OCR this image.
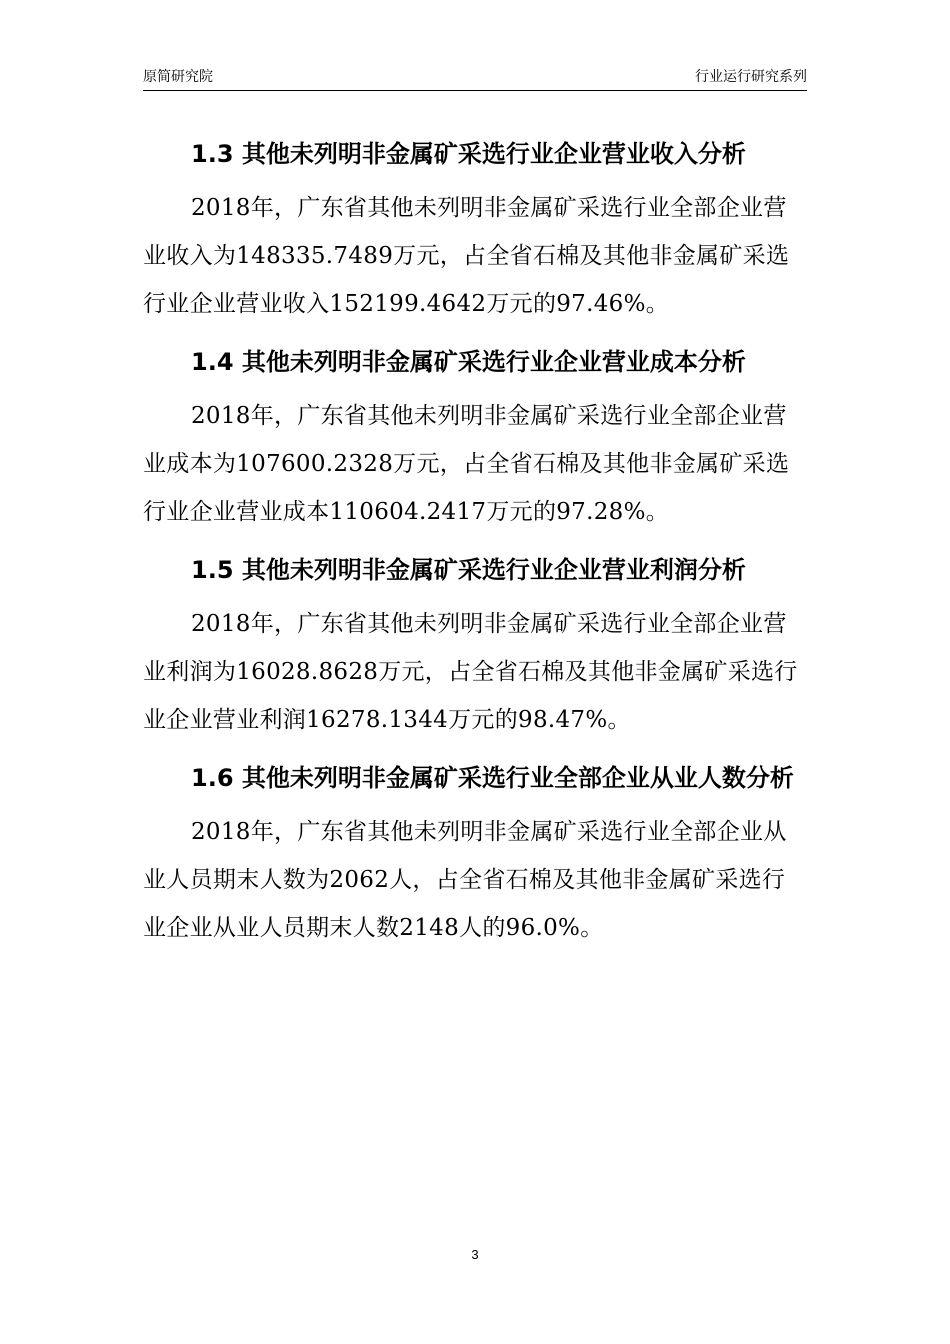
原简研究院	行业运行研究系列
1.3 其他未列明非金属矿采选行业企业营业收入分析

2018年，广东省其他未列明非金属矿采选行业全部企业营业收入为148335.7489万元，占全省石棉及其他非金属矿采选行业企业营业收入152199.4642万元的97.46%。

1.4 其他未列明非金属矿采选行业企业营业成本分析

2018年，广东省其他未列明非金属矿采选行业全部企业营业成本为107600.2328万元，占全省石棉及其他非金属矿采选行业企业营业成本110604.2417万元的97.28%。

1.5 其他未列明非金属矿采选行业企业营业利润分析

2018年，广东省其他未列明非金属矿采选行业全部企业营业利润为16028.8628万元，占全省石棉及其他非金属矿采选行业企业营业利润16278.1344万元的98.47%。

1.6 其他未列明非金属矿采选行业全部企业从业人数分析

2018年，广东省其他未列明非金属矿采选行业全部企业从业人员期末人数为2062人，占全省石棉及其他非金属矿采选行业企业从业人员期末人数2148人的96.0%。

3
